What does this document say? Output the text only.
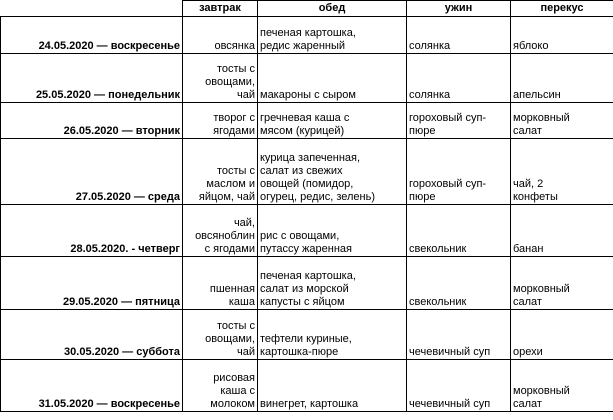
	завтрак	обед	ужин	перекус
24.05.2020 — воскресенье	овсянка	печеная картошка,
редис жаренный	солянка	яблоко
25.05.2020 — понедельник	тосты с
овощами,
чай	макароны с сыром	солянка	апельсин
26.05.2020 — вторник	творог с
ягодами	гречневая каша с
мясом (курицей)	гороховый суп-
пюре	морковный
салат
27.05.2020 — среда	тосты с
маслом и
яйцом, чай	курица запеченная,
салат из свежих
овощей (помидор,
огурец, редис, зелень)	гороховый суп-
пюре	чай, 2
конфеты
28.05.2020. - четверг	чай,
овсяноблин
с ягодами	рис с овощами,
путассу жаренная	свекольник	банан
29.05.2020 — пятница	пшенная
каша	печеная картошка,
салат из морской
капусты с яйцом	свекольник	морковный
салат
30.05.2020 — суббота	тосты с
овощами,
чай	тефтели куриные,
картошка-пюре	чечевичный суп	орехи
31.05.2020 — воскресенье	рисовая
каша с
молоком	винегрет, картошка	чечевичный суп	морковный
салат
